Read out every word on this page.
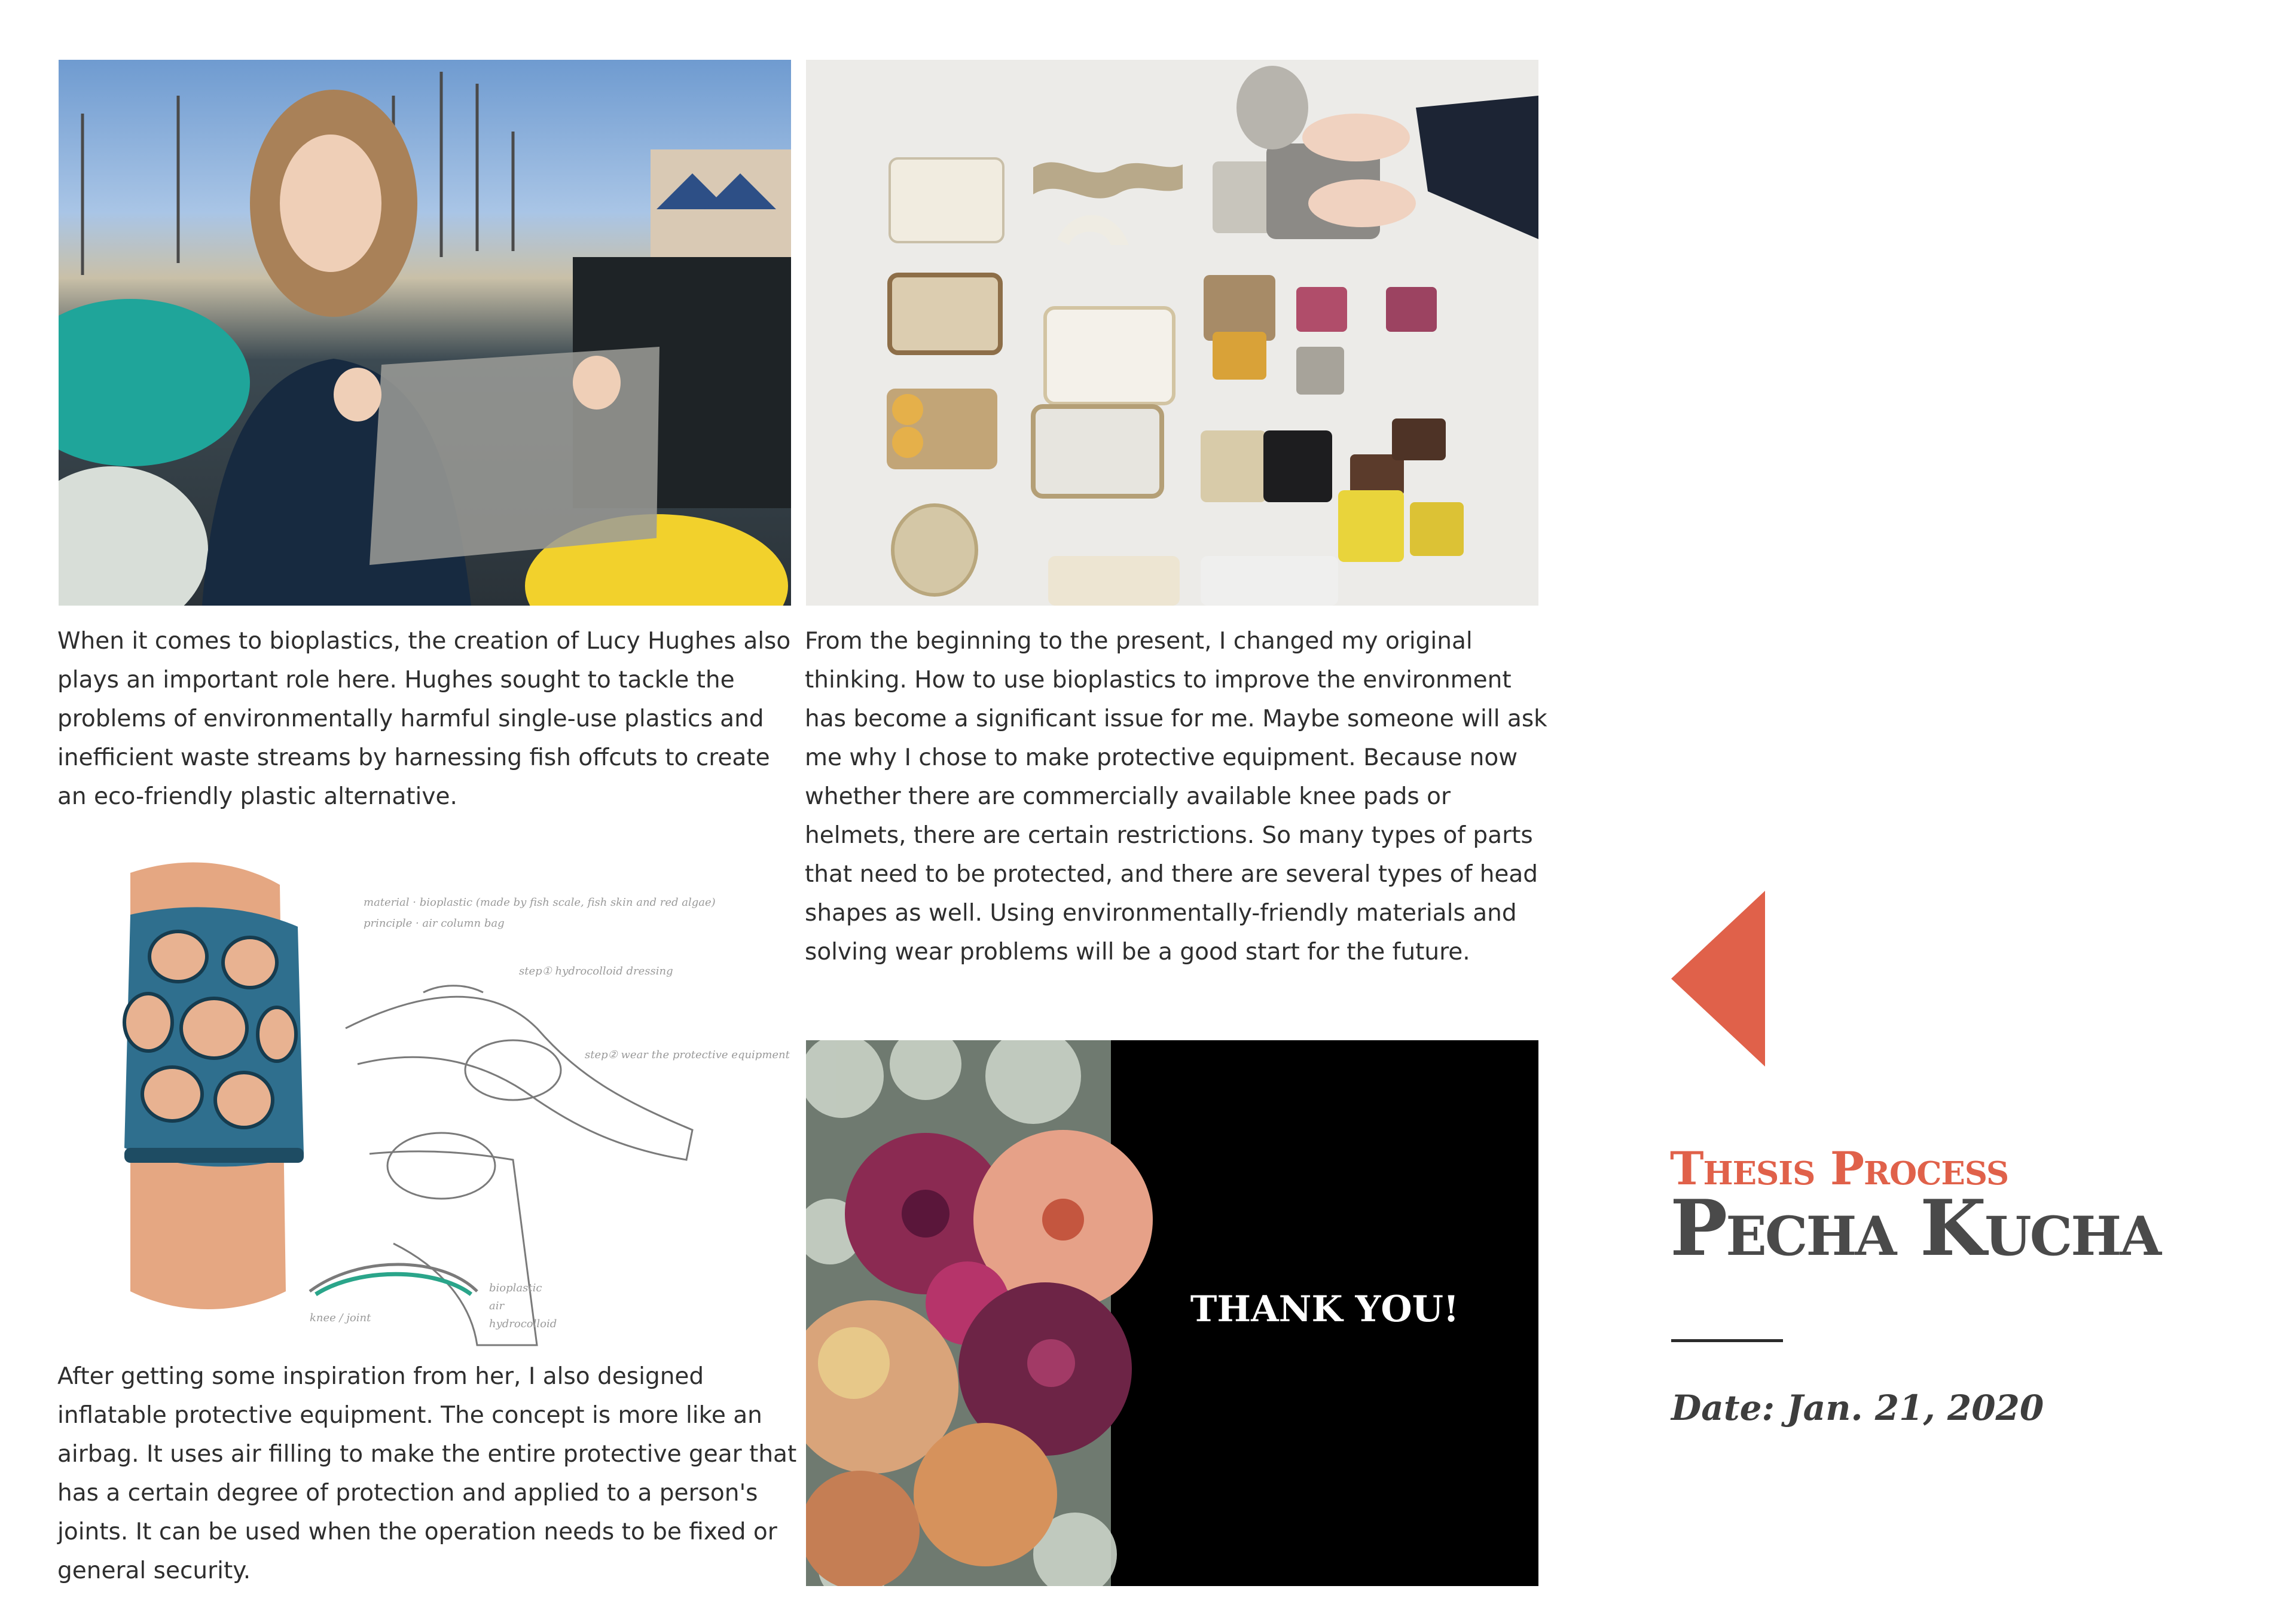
When it comes to bioplastics, the creation of Lucy Hughes also plays an important role here. Hughes sought to tackle the problems of environmentally harmful single-use plastics and inefficient waste streams by harnessing fish offcuts to create an eco-friendly plastic alternative.

From the beginning to the present, I changed my original thinking. How to use bioplastics to improve the environment has become a significant issue for me. Maybe someone will ask me why I chose to make protective equipment. Because now whether there are commercially available knee pads or helmets, there are certain restrictions. So many types of parts that need to be protected, and there are several types of head shapes as well. Using environmentally-friendly materials and solving wear problems will be a good start for the future.

material · bioplastic (made by fish scale, fish skin and red algae)
principle · air column bag
step① hydrocolloid dressing
step② wear the protective equipment
bioplastic
air
hydrocolloid
knee / joint

After getting some inspiration from her, I also designed inflatable protective equipment. The concept is more like an airbag. It uses air filling to make the entire protective gear that has a certain degree of protection and applied to a person's joints. It can be used when the operation needs to be fixed or general security.

THANK YOU!

Thesis Process

Pecha Kucha

Date: Jan. 21, 2020
